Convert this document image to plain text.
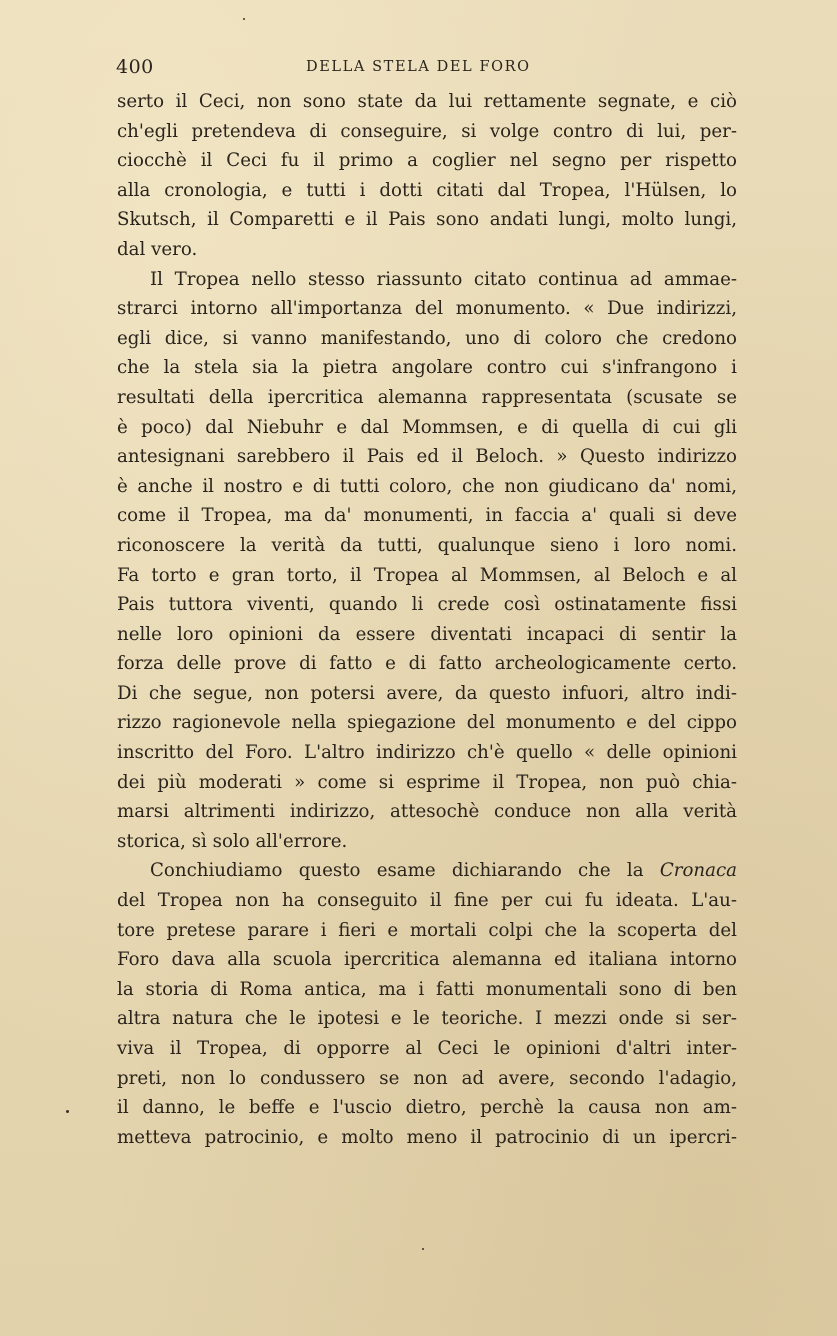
400	DELLA STELA DEL FORO
serto il Ceci, non sono state da lui rettamente segnate, e ciò
ch'egli pretendeva di conseguire, si volge contro di lui, per-
ciocchè il Ceci fu il primo a coglier nel segno per rispetto
alla cronologia, e tutti i dotti citati dal Tropea, l'Hülsen, lo
Skutsch, il Comparetti e il Pais sono andati lungi, molto lungi,
dal vero.
Il Tropea nello stesso riassunto citato continua ad ammae-
strarci intorno all'importanza del monumento. « Due indirizzi,
egli dice, si vanno manifestando, uno di coloro che credono
che la stela sia la pietra angolare contro cui s'infrangono i
resultati della ipercritica alemanna rappresentata (scusate se
è poco) dal Niebuhr e dal Mommsen, e di quella di cui gli
antesignani sarebbero il Pais ed il Beloch. » Questo indirizzo
è anche il nostro e di tutti coloro, che non giudicano da' nomi,
come il Tropea, ma da' monumenti, in faccia a' quali si deve
riconoscere la verità da tutti, qualunque sieno i loro nomi.
Fa torto e gran torto, il Tropea al Mommsen, al Beloch e al
Pais tuttora viventi, quando li crede così ostinatamente fissi
nelle loro opinioni da essere diventati incapaci di sentir la
forza delle prove di fatto e di fatto archeologicamente certo.
Di che segue, non potersi avere, da questo infuori, altro indi-
rizzo ragionevole nella spiegazione del monumento e del cippo
inscritto del Foro. L'altro indirizzo ch'è quello « delle opinioni
dei più moderati » come si esprime il Tropea, non può chia-
marsi altrimenti indirizzo, attesochè conduce non alla verità
storica, sì solo all'errore.
Conchiudiamo questo esame dichiarando che la Cronaca
del Tropea non ha conseguito il fine per cui fu ideata. L'au-
tore pretese parare i fieri e mortali colpi che la scoperta del
Foro dava alla scuola ipercritica alemanna ed italiana intorno
la storia di Roma antica, ma i fatti monumentali sono di ben
altra natura che le ipotesi e le teoriche. I mezzi onde si ser-
viva il Tropea, di opporre al Ceci le opinioni d'altri inter-
preti, non lo condussero se non ad avere, secondo l'adagio,
il danno, le beffe e l'uscio dietro, perchè la causa non am-
metteva patrocinio, e molto meno il patrocinio di un ipercri-
